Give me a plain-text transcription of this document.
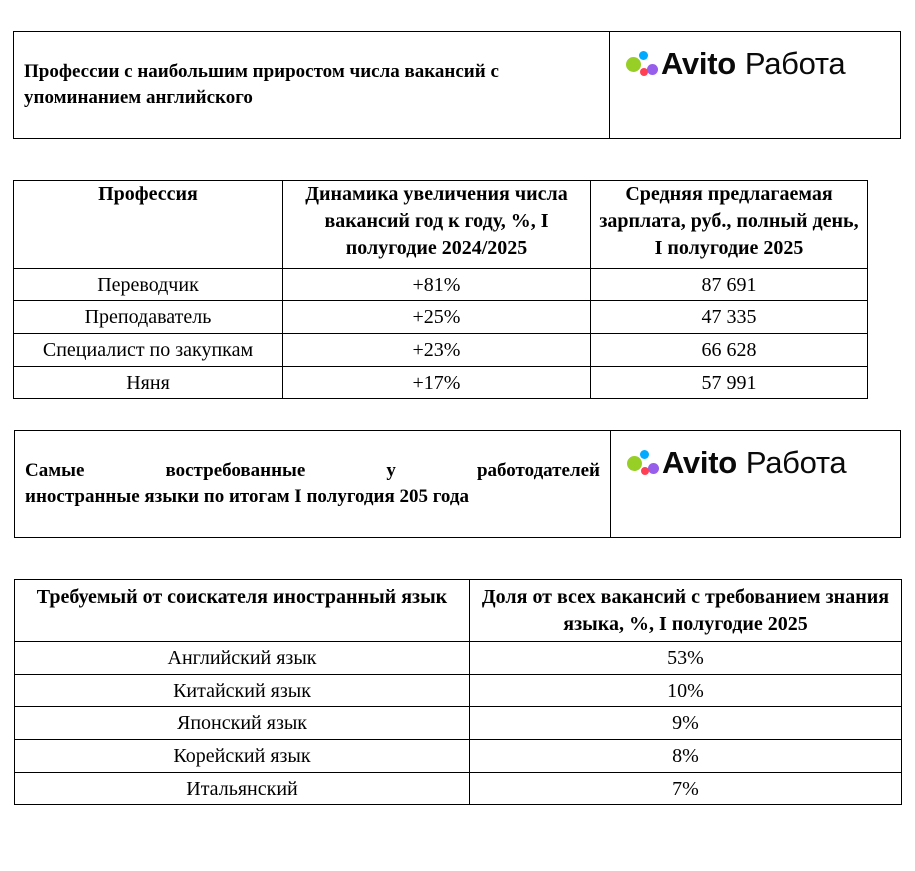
Профессии с наибольшим приростом числа вакансий с упоминанием английского
Avito Работа
Профессия	Динамика увеличения числа вакансий год к году, %, I полугодие 2024/2025	Средняя предлагаемая зарплата, руб., полный день, I полугодие 2025
Переводчик	+81%	87 691
Преподаватель	+25%	47 335
Специалист по закупкам	+23%	66 628
Няня	+17%	57 991
Самые востребованные у работодателей
иностранные языки по итогам I полугодия 205 года
Avito Работа
Требуемый от соискателя иностранный язык	Доля от всех вакансий с требованием знания языка, %, I полугодие 2025
Английский язык	53%
Китайский язык	10%
Японский язык	9%
Корейский язык	8%
Итальянский	7%
